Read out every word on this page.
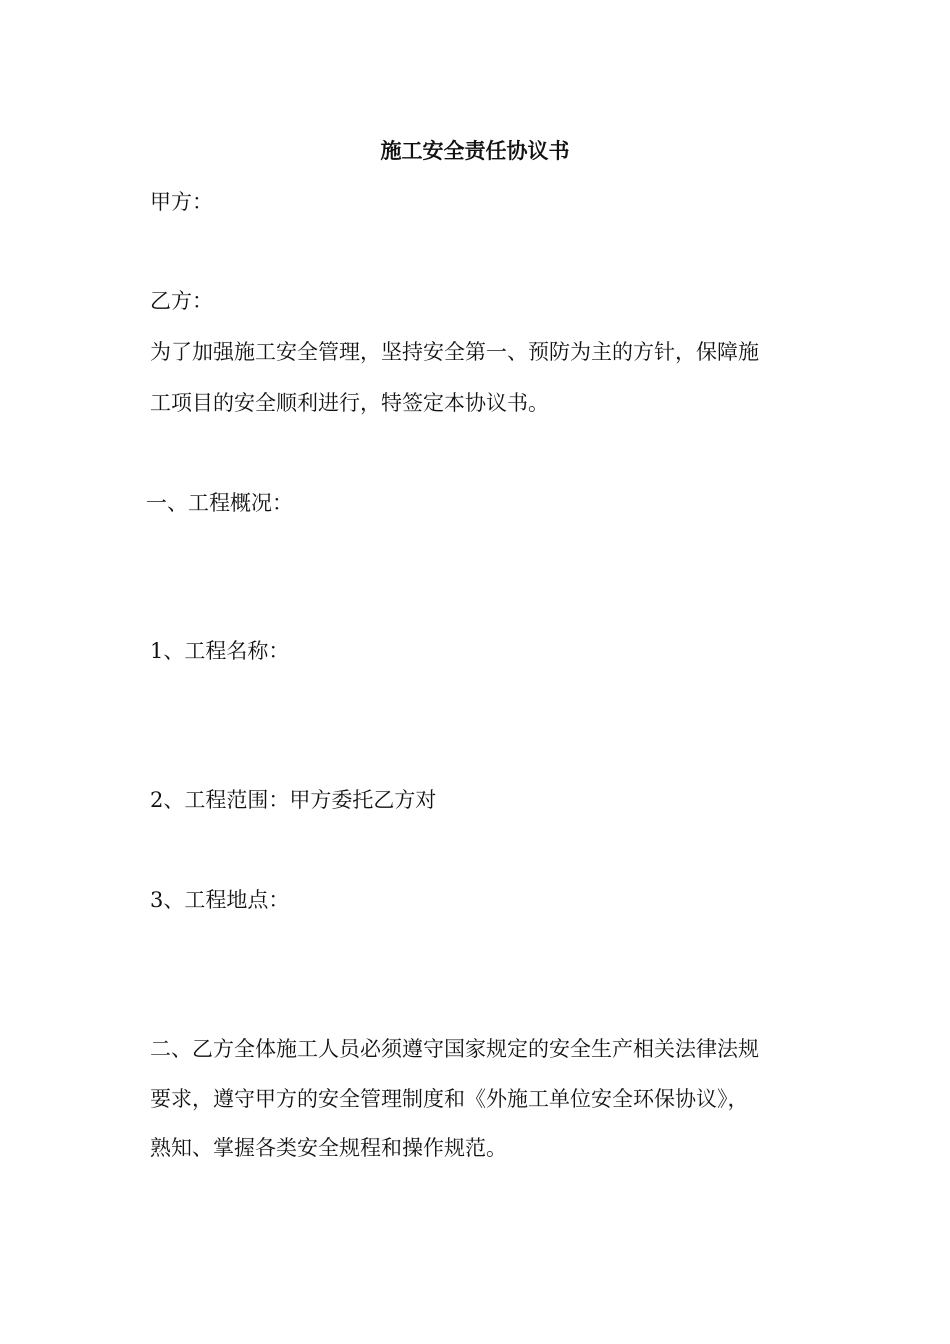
施工安全责任协议书

甲方：

乙方：

为了加强施工安全管理，坚持安全第一、预防为主的方针，保障施

工项目的安全顺利进行，特签定本协议书。

一、工程概况：

1、工程名称：

2、工程范围：甲方委托乙方对

3、工程地点：

二、乙方全体施工人员必须遵守国家规定的安全生产相关法律法规

要求，遵守甲方的安全管理制度和《外施工单位安全环保协议》，

熟知、掌握各类安全规程和操作规范。
